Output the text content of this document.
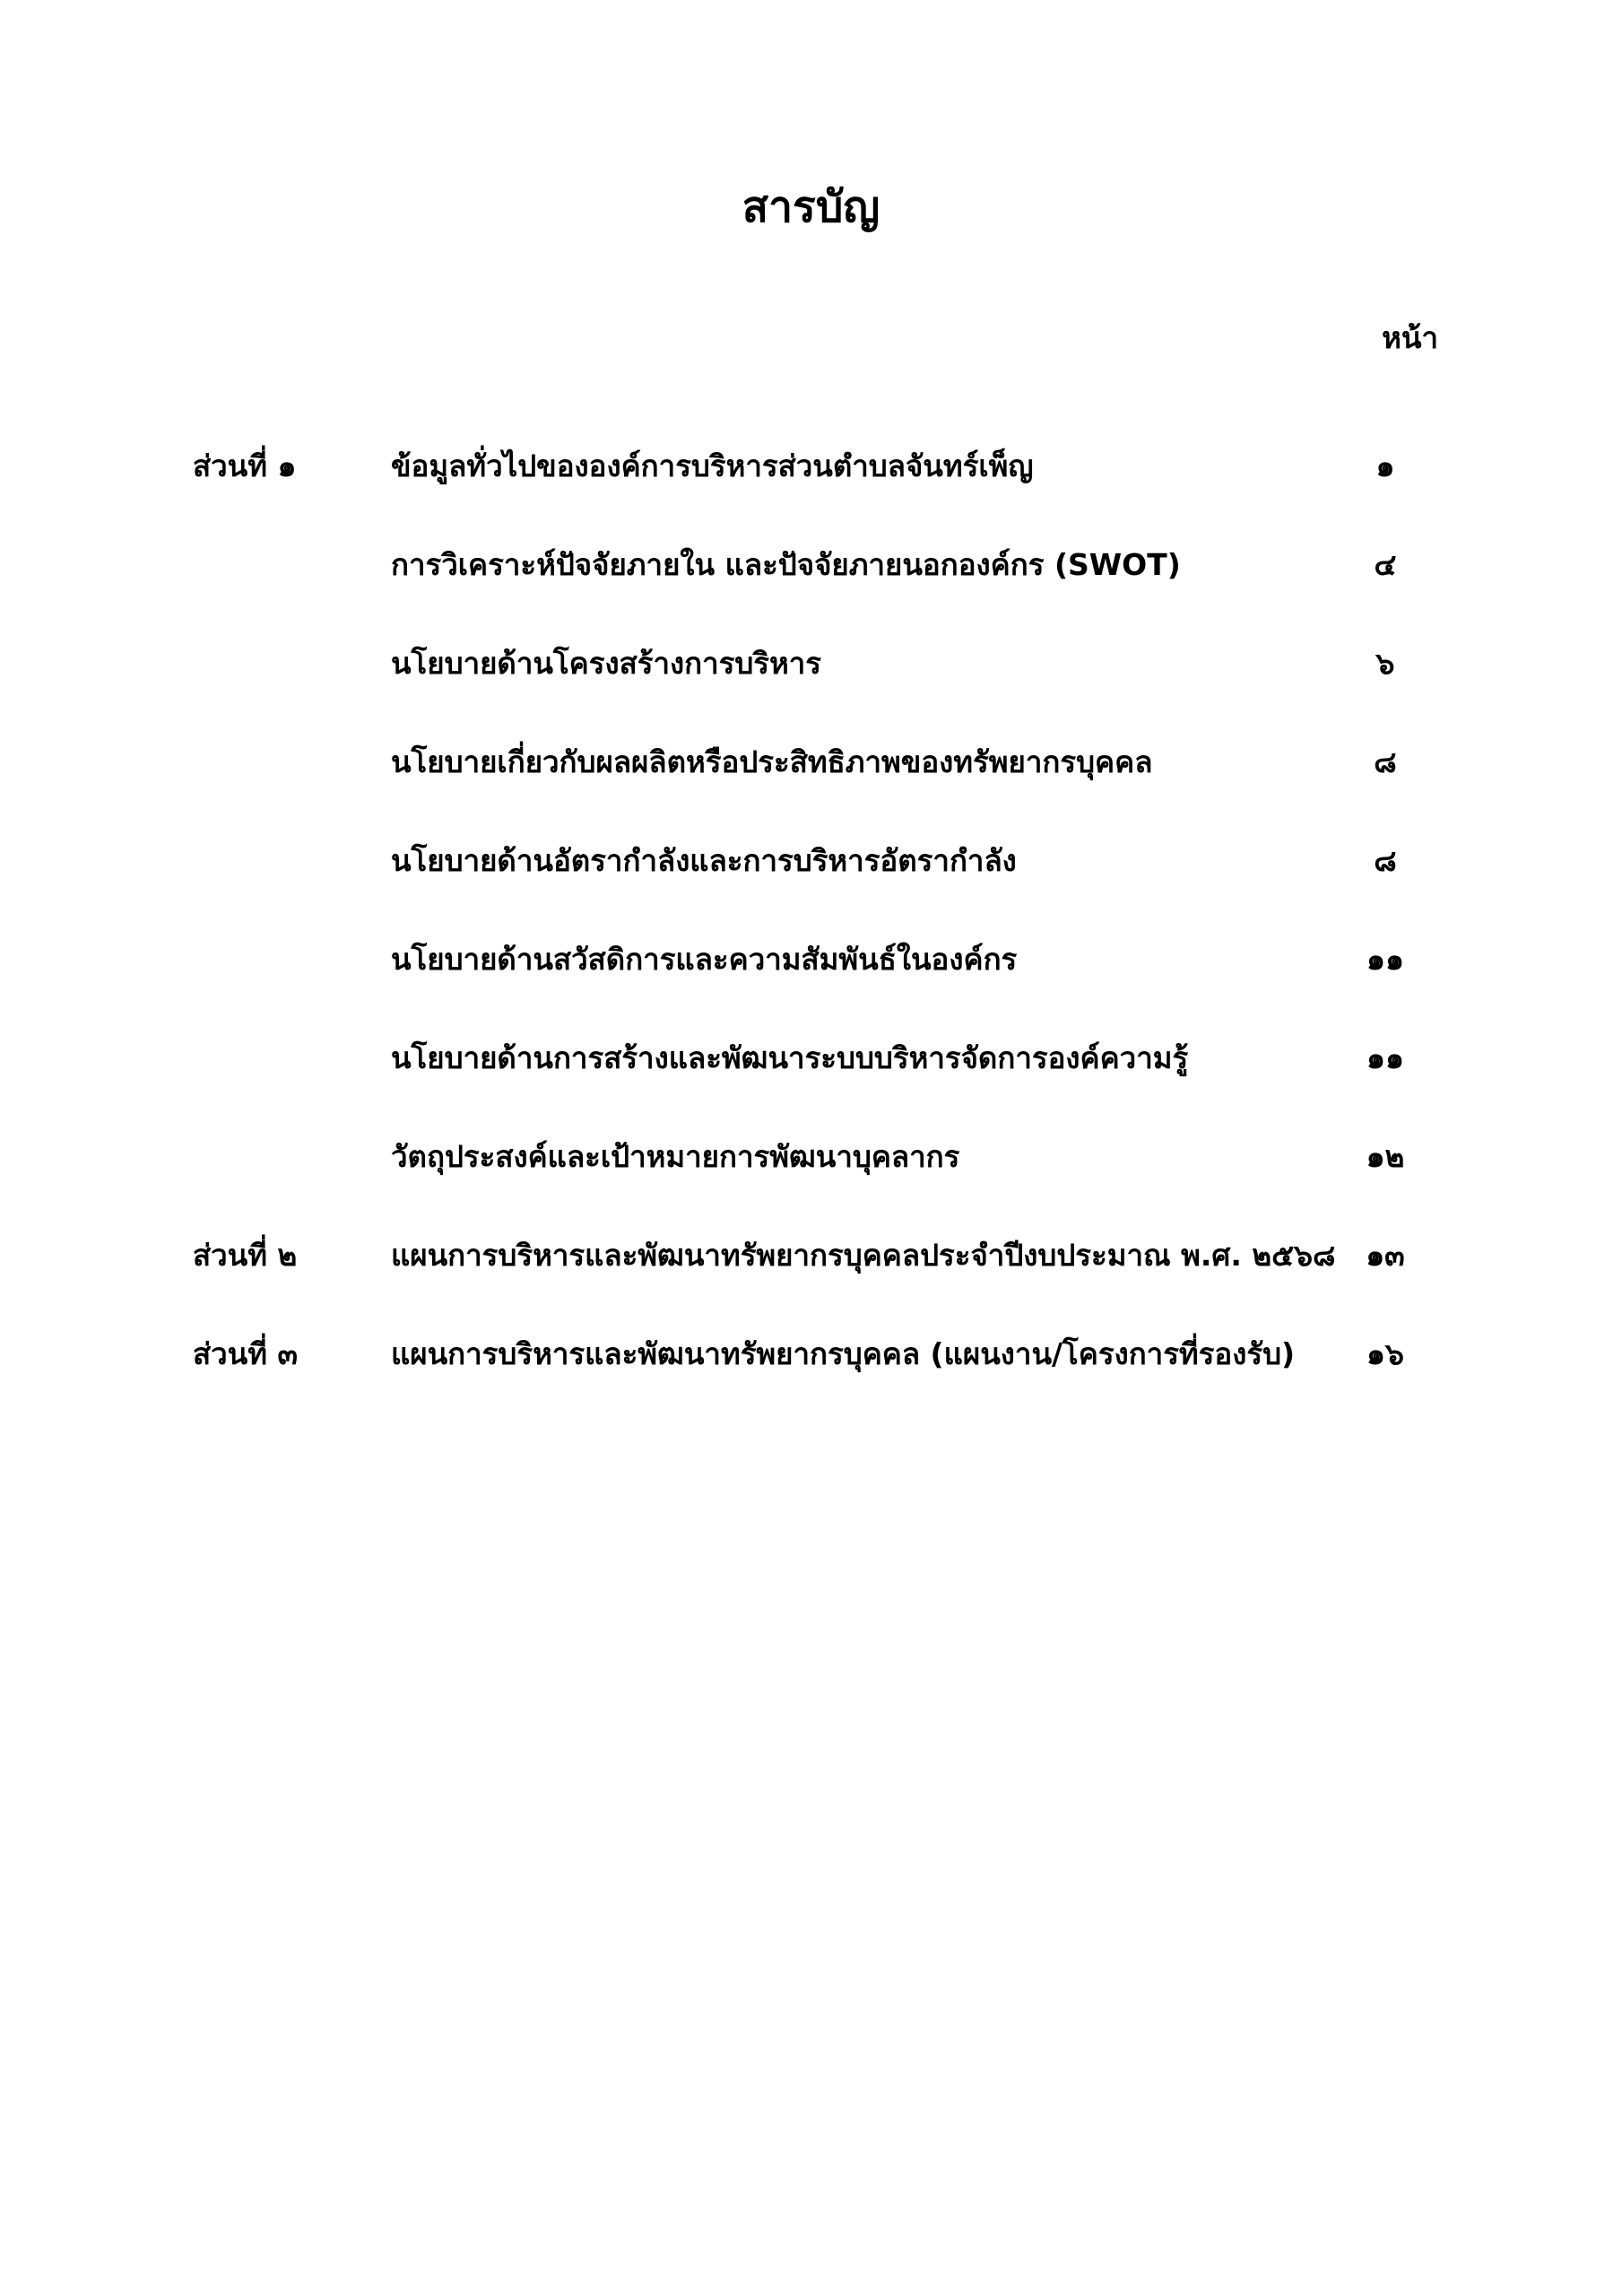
สารบัญ
หน้า
ส่วนที่ ๑	ข้อมูลทั่วไปขององค์การบริหารส่วนตำบลจันทร์เพ็ญ	๑
การวิเคราะห์ปัจจัยภายใน และปัจจัยภายนอกองค์กร (SWOT)	๔
นโยบายด้านโครงสร้างการบริหาร	๖
นโยบายเกี่ยวกับผลผลิตหรือประสิทธิภาพของทรัพยากรบุคคล	๘
นโยบายด้านอัตรากำลังและการบริหารอัตรากำลัง	๘
นโยบายด้านสวัสดิการและความสัมพันธ์ในองค์กร	๑๑
นโยบายด้านการสร้างและพัฒนาระบบบริหารจัดการองค์ความรู้	๑๑
วัตถุประสงค์และเป้าหมายการพัฒนาบุคลากร	๑๒
ส่วนที่ ๒	แผนการบริหารและพัฒนาทรัพยากรบุคคลประจำปีงบประมาณ พ.ศ. ๒๕๖๘	๑๓
ส่วนที่ ๓	แผนการบริหารและพัฒนาทรัพยากรบุคคล (แผนงาน/โครงการที่รองรับ)	๑๖
